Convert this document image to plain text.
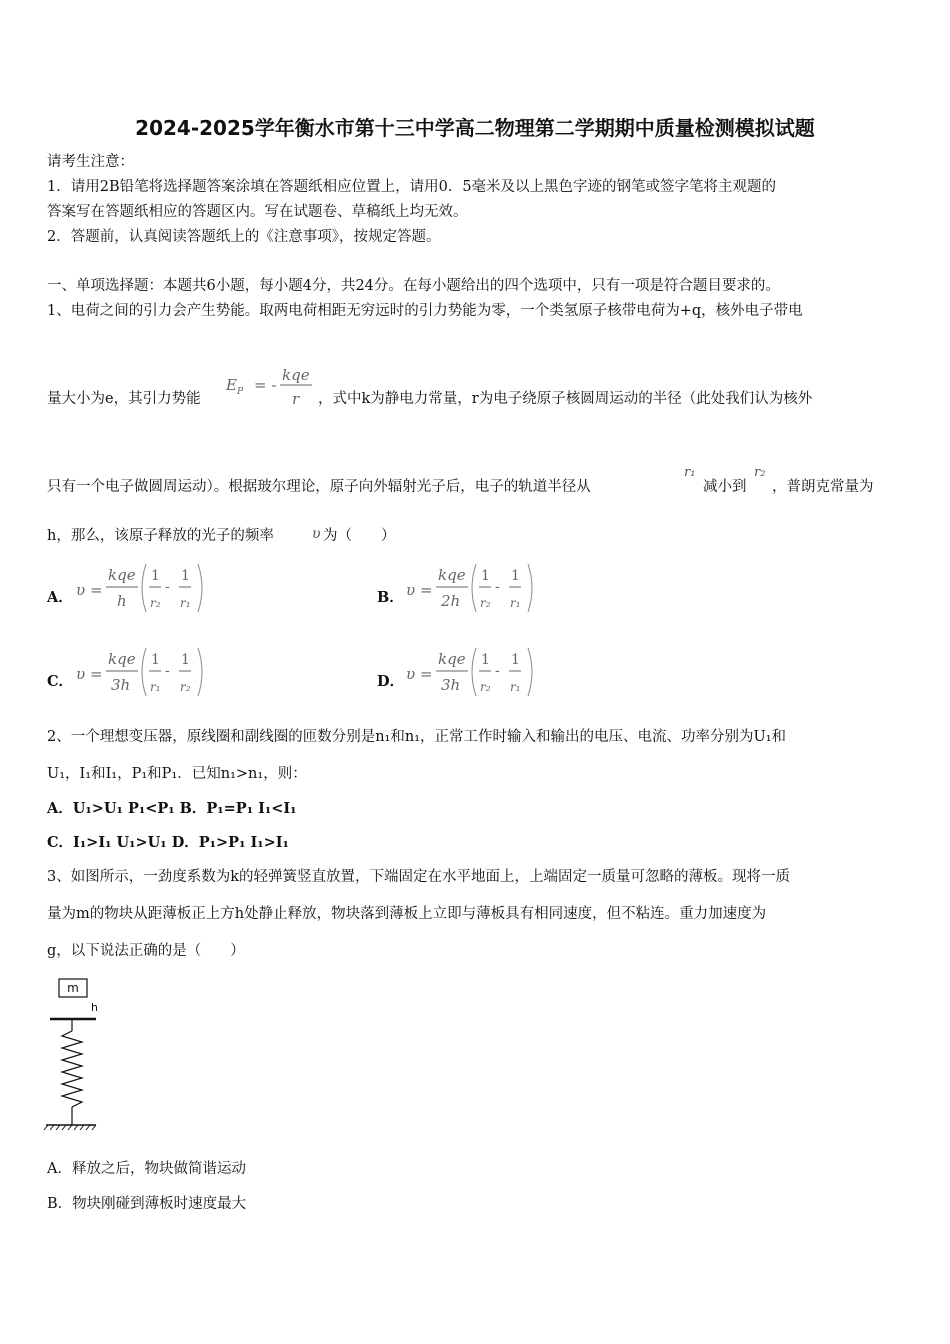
2024-2025学年衡水市第十三中学高二物理第二学期期中质量检测模拟试题
请考生注意：
1．请用2B铅笔将选择题答案涂填在答题纸相应位置上，请用0．5毫米及以上黑色字迹的钢笔或签字笔将主观题的
答案写在答题纸相应的答题区内。写在试题卷、草稿纸上均无效。
2．答题前，认真阅读答题纸上的《注意事项》，按规定答题。
一、单项选择题：本题共6小题，每小题4分，共24分。在每小题给出的四个选项中，只有一项是符合题目要求的。
1、电荷之间的引力会产生势能。取两电荷相距无穷远时的引力势能为零，一个类氢原子核带电荷为+q，核外电子带电
量大小为e，其引力势能
E P = -
kqe
r ，式中k为静电力常量，r为电子绕原子核圆周运动的半径（此处我们认为核外
只有一个电子做圆周运动）。根据玻尔理论，原子向外辐射光子后，电子的轨道半径从
r₁
减小到
r₂
，普朗克常量为
h，那么，该原子释放的光子的频率	υ 为（　　）
A． υ =
kqe
h
1
r₂
-
1
r₁	B． υ =
kqe
2h
1
r₂
-
1
r₁
C． υ =
kqe
3h
1
r₁
-
1
r₂	D． υ =
kqe
3h
1
r₂
-
1
r₁
2、一个理想变压器，原线圈和副线圈的匝数分别是n₁和n₁，正常工作时输入和输出的电压、电流、功率分别为U₁和
U₁，I₁和I₁，P₁和P₁．已知n₁>n₁，则：
A．U₁>U₁ P₁<P₁ B．P₁=P₁ I₁<I₁
C．I₁>I₁ U₁>U₁ D．P₁>P₁ I₁>I₁
3、如图所示，一劲度系数为k的轻弹簧竖直放置，下端固定在水平地面上，上端固定一质量可忽略的薄板。现将一质
量为m的物块从距薄板正上方h处静止释放，物块落到薄板上立即与薄板具有相同速度，但不粘连。重力加速度为
g，以下说法正确的是（　　）
m
h
A．释放之后，物块做简谐运动
B．物块刚碰到薄板时速度最大
